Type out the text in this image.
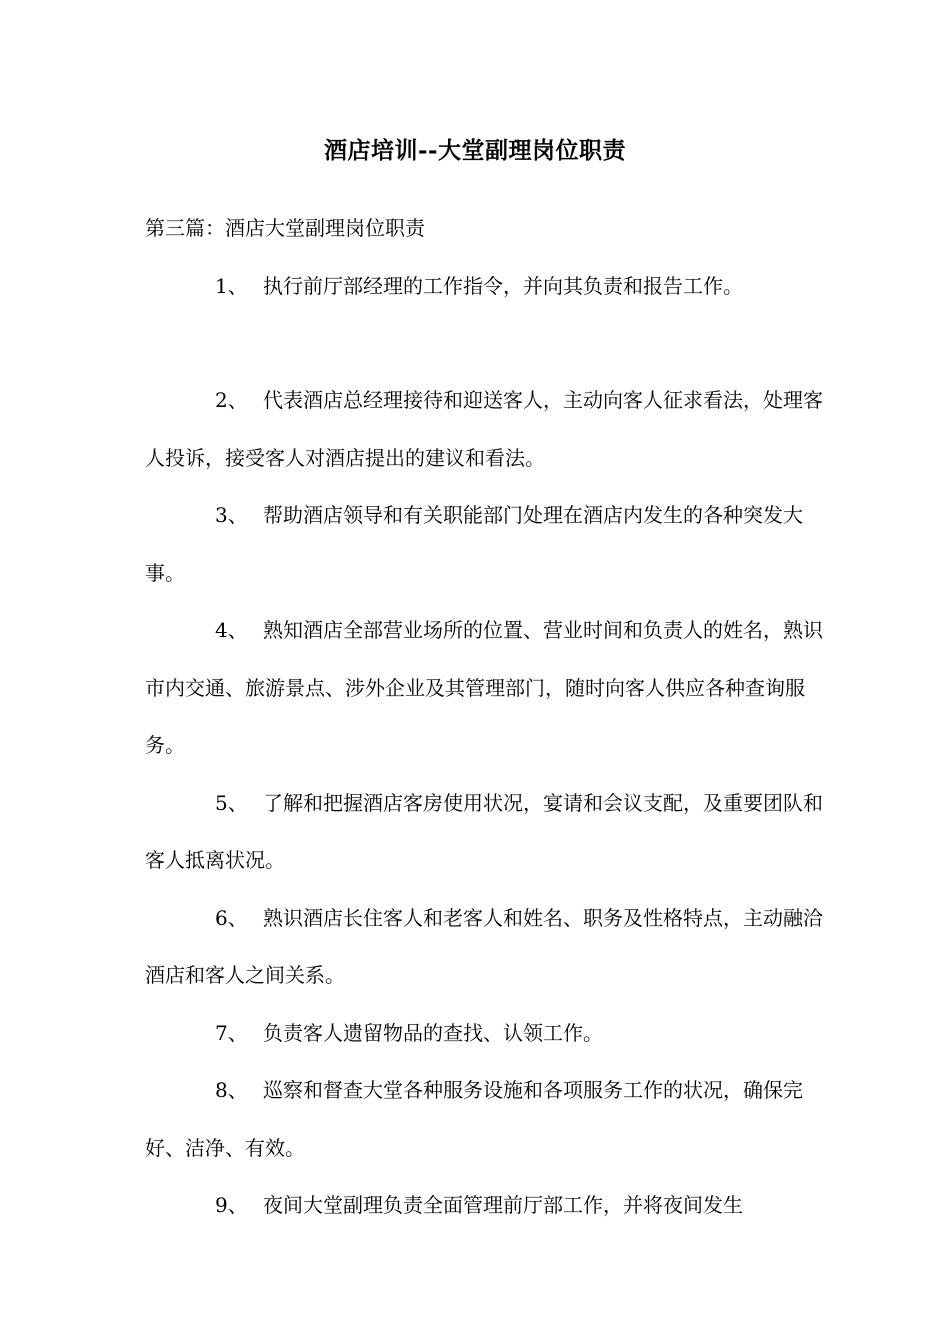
酒店培训--大堂副理岗位职责

第三篇：酒店大堂副理岗位职责

1、 执行前厅部经理的工作指令，并向其负责和报告工作。

2、 代表酒店总经理接待和迎送客人，主动向客人征求看法，处理客人投诉，接受客人对酒店提出的建议和看法。

3、 帮助酒店领导和有关职能部门处理在酒店内发生的各种突发大事。

4、 熟知酒店全部营业场所的位置、营业时间和负责人的姓名，熟识市内交通、旅游景点、涉外企业及其管理部门，随时向客人供应各种查询服务。

5、 了解和把握酒店客房使用状况，宴请和会议支配，及重要团队和客人抵离状况。

6、 熟识酒店长住客人和老客人和姓名、职务及性格特点，主动融洽酒店和客人之间关系。

7、 负责客人遗留物品的查找、认领工作。

8、 巡察和督查大堂各种服务设施和各项服务工作的状况，确保完好、洁净、有效。

9、 夜间大堂副理负责全面管理前厅部工作，并将夜间发生
